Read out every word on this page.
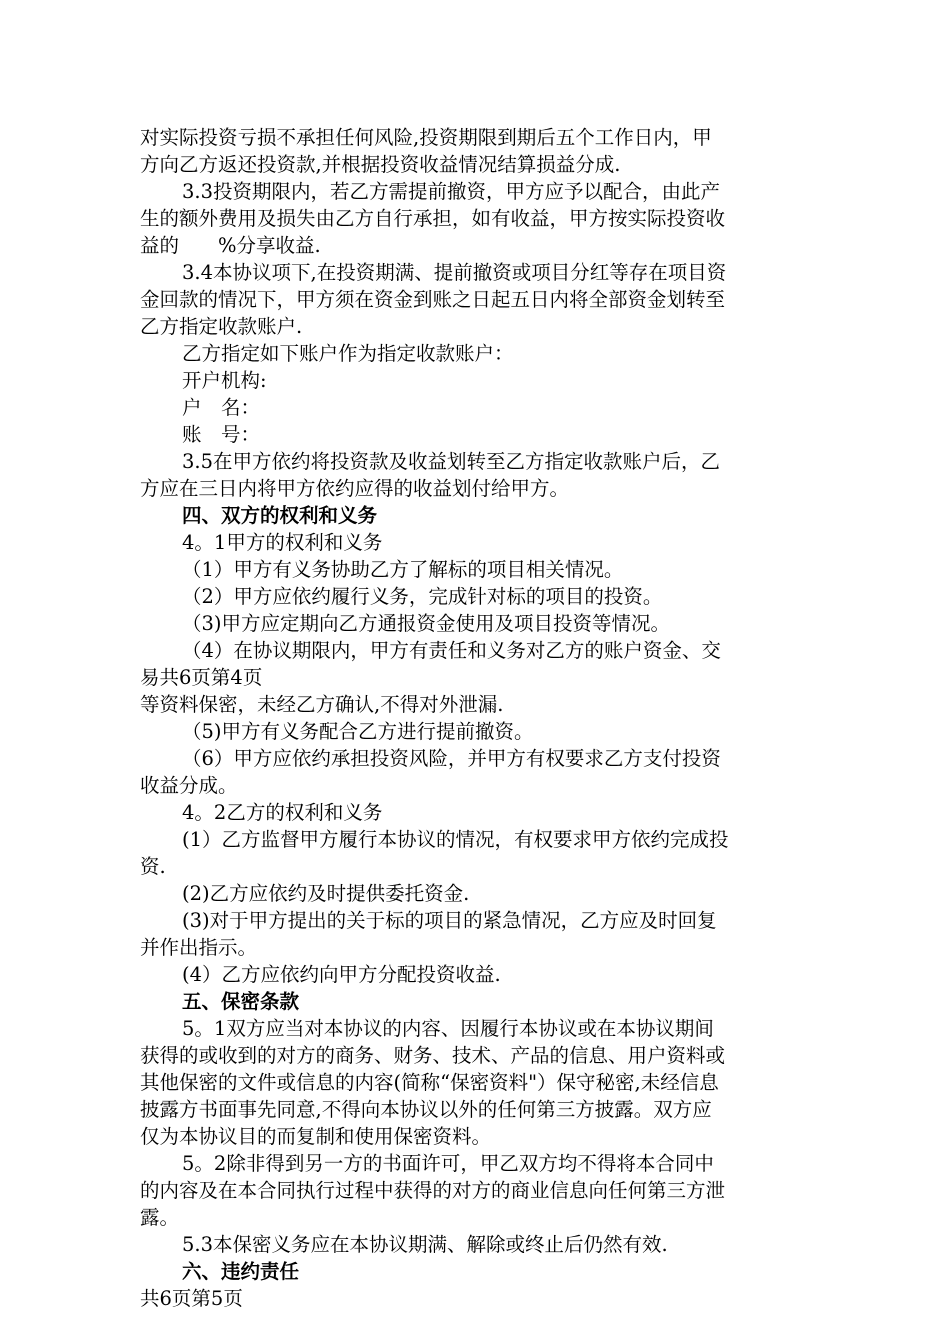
对实际投资亏损不承担任何风险,投资期限到期后五个工作日内，甲
方向乙方返还投资款,并根据投资收益情况结算损益分成.
3.3投资期限内，若乙方需提前撤资，甲方应予以配合，由此产
生的额外费用及损失由乙方自行承担，如有收益，甲方按实际投资收
益的　　%分享收益.
3.4本协议项下,在投资期满、提前撤资或项目分红等存在项目资
金回款的情况下，甲方须在资金到账之日起五日内将全部资金划转至
乙方指定收款账户.
乙方指定如下账户作为指定收款账户：
开户机构:
户　名：
账　号：
3.5在甲方依约将投资款及收益划转至乙方指定收款账户后，乙
方应在三日内将甲方依约应得的收益划付给甲方。
四、双方的权利和义务
4。1甲方的权利和义务
（1）甲方有义务协助乙方了解标的项目相关情况。
（2）甲方应依约履行义务，完成针对标的项目的投资。
（3)甲方应定期向乙方通报资金使用及项目投资等情况。
（4）在协议期限内，甲方有责任和义务对乙方的账户资金、交
易共6页第4页
等资料保密，未经乙方确认,不得对外泄漏.
（5)甲方有义务配合乙方进行提前撤资。
（6）甲方应依约承担投资风险，并甲方有权要求乙方支付投资
收益分成。
4。2乙方的权利和义务
(1）乙方监督甲方履行本协议的情况，有权要求甲方依约完成投
资.
(2)乙方应依约及时提供委托资金.
(3)对于甲方提出的关于标的项目的紧急情况，乙方应及时回复
并作出指示。
(4）乙方应依约向甲方分配投资收益.
五、保密条款
5。1双方应当对本协议的内容、因履行本协议或在本协议期间
获得的或收到的对方的商务、财务、技术、产品的信息、用户资料或
其他保密的文件或信息的内容(简称“保密资料"）保守秘密,未经信息
披露方书面事先同意,不得向本协议以外的任何第三方披露。双方应
仅为本协议目的而复制和使用保密资料。
5。2除非得到另一方的书面许可，甲乙双方均不得将本合同中
的内容及在本合同执行过程中获得的对方的商业信息向任何第三方泄
露。
5.3本保密义务应在本协议期满、解除或终止后仍然有效.
六、违约责任
共6页第5页
